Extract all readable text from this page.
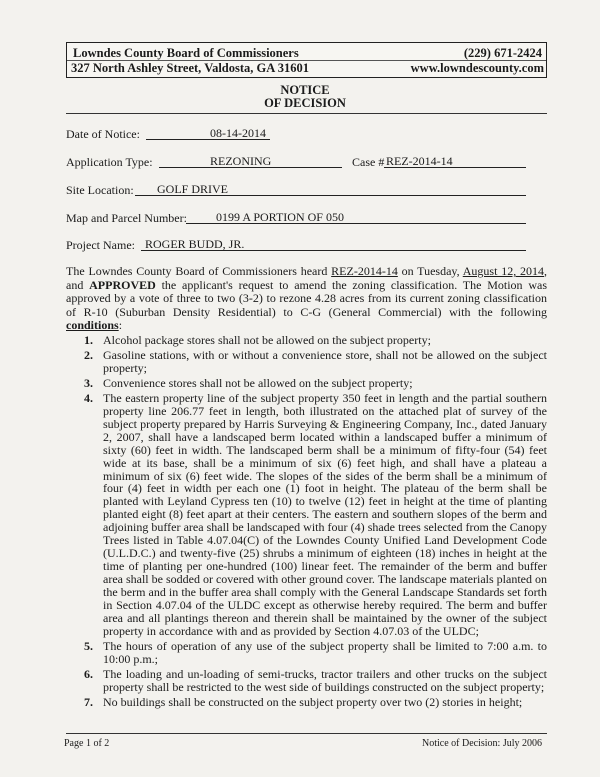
Lowndes County Board of Commissioners	(229) 671-2424
327 North Ashley Street, Valdosta, GA 31601	www.lowndescounty.com
NOTICE
OF DECISION
Date of Notice:	08-14-2014
Application Type:	REZONING	Case # REZ-2014-14
Site Location:	GOLF DRIVE
Map and Parcel Number:	0199 A PORTION OF 050
Project Name: ROGER BUDD, JR.
The Lowndes County Board of Commissioners heard REZ-2014-14 on Tuesday, August 12, 2014, and APPROVED the applicant's request to amend the zoning classification. The Motion was approved by a vote of three to two (3-2) to rezone 4.28 acres from its current zoning classification of R-10 (Suburban Density Residential) to C-G (General Commercial) with the following conditions:
1. Alcohol package stores shall not be allowed on the subject property;
2. Gasoline stations, with or without a convenience store, shall not be allowed on the subject property;
3. Convenience stores shall not be allowed on the subject property;
4. The eastern property line of the subject property 350 feet in length and the partial southern property line 206.77 feet in length, both illustrated on the attached plat of survey of the subject property prepared by Harris Surveying & Engineering Company, Inc., dated January 2, 2007, shall have a landscaped berm located within a landscaped buffer a minimum of sixty (60) feet in width. The landscaped berm shall be a minimum of fifty-four (54) feet wide at its base, shall be a minimum of six (6) feet high, and shall have a plateau a minimum of six (6) feet wide. The slopes of the sides of the berm shall be a minimum of four (4) feet in width per each one (1) foot in height. The plateau of the berm shall be planted with Leyland Cypress ten (10) to twelve (12) feet in height at the time of planting planted eight (8) feet apart at their centers. The eastern and southern slopes of the berm and adjoining buffer area shall be landscaped with four (4) shade trees selected from the Canopy Trees listed in Table 4.07.04(C) of the Lowndes County Unified Land Development Code (U.L.D.C.) and twenty-five (25) shrubs a minimum of eighteen (18) inches in height at the time of planting per one-hundred (100) linear feet. The remainder of the berm and buffer area shall be sodded or covered with other ground cover. The landscape materials planted on the berm and in the buffer area shall comply with the General Landscape Standards set forth in Section 4.07.04 of the ULDC except as otherwise hereby required. The berm and buffer area and all plantings thereon and therein shall be maintained by the owner of the subject property in accordance with and as provided by Section 4.07.03 of the ULDC;
5. The hours of operation of any use of the subject property shall be limited to 7:00 a.m. to 10:00 p.m.;
6. The loading and un-loading of semi-trucks, tractor trailers and other trucks on the subject property shall be restricted to the west side of buildings constructed on the subject property;
7. No buildings shall be constructed on the subject property over two (2) stories in height;
Page 1 of 2	Notice of Decision: July 2006
